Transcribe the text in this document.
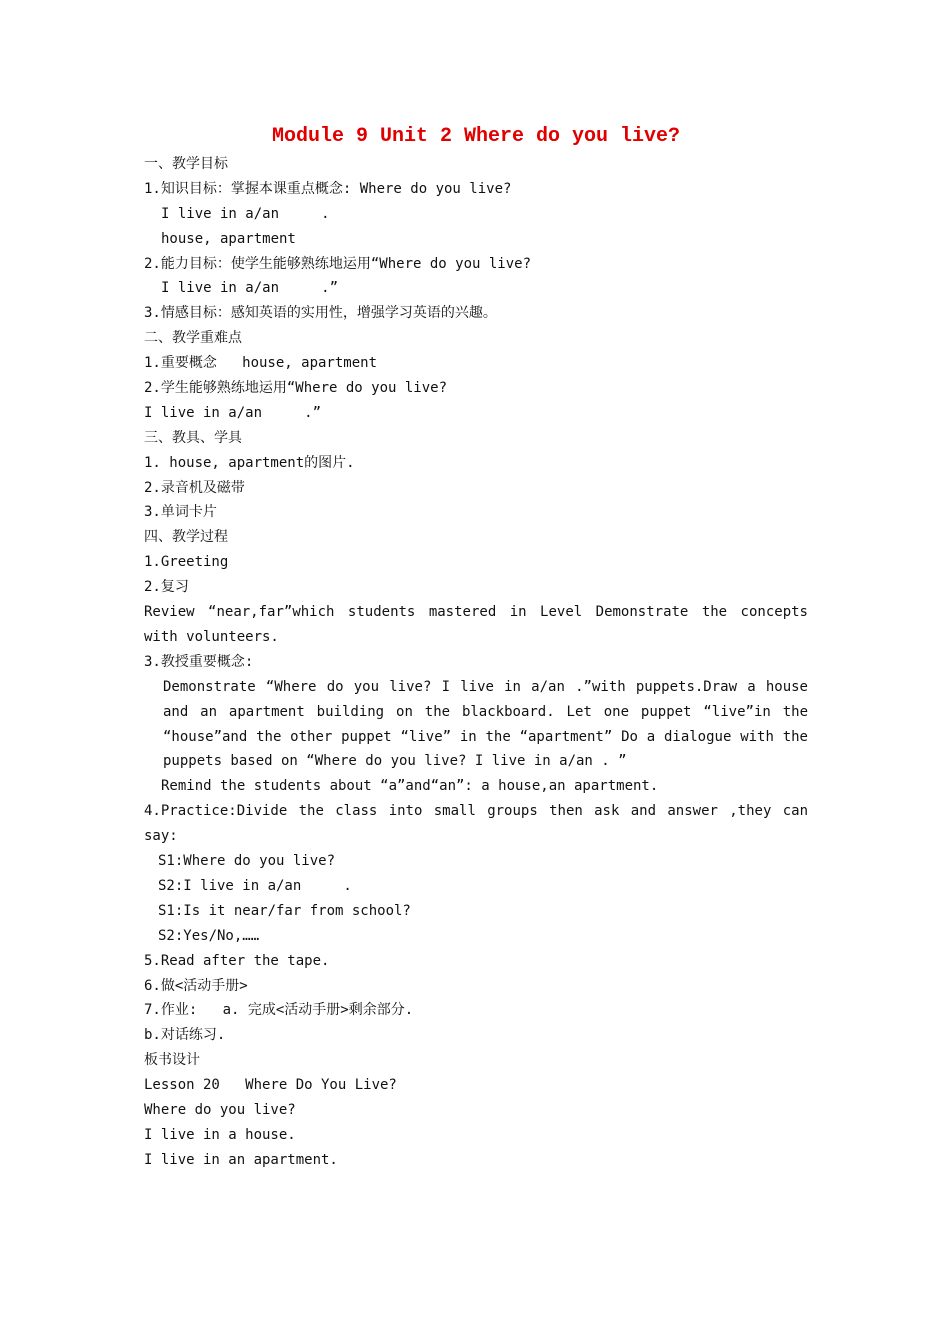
Module 9 Unit 2 Where do you live?
一、教学目标
1.知识目标：掌握本课重点概念: Where do you live?
I live in a/an     .
house, apartment
2.能力目标：使学生能够熟练地运用“Where do you live?
I live in a/an     .”
3.情感目标：感知英语的实用性，增强学习英语的兴趣。
二、教学重难点
1.重要概念   house, apartment
2.学生能够熟练地运用“Where do you live?
I live in a/an     .”
三、教具、学具
1. house, apartment的图片.
2.录音机及磁带
3.单词卡片
四、教学过程
1.Greeting
2.复习
Review “near,far”which students mastered in Level Demonstrate the concepts with volunteers.
3.教授重要概念:
Demonstrate “Where do you live? I live in a/an .”with puppets.Draw a house and an apartment building on the blackboard. Let one puppet “live”in the “house”and the other puppet “live” in the “apartment” Do a dialogue with the puppets based on “Where do you live? I live in a/an . ”
Remind the students about “a”and“an”: a house,an apartment.
4.Practice:Divide the class into small groups then ask and answer ,they can say:
S1:Where do you live?
S2:I live in a/an     .
S1:Is it near/far from school?
S2:Yes/No,……
5.Read after the tape.
6.做<活动手册>
7.作业:   a. 完成<活动手册>剩余部分.
b.对话练习.
板书设计
Lesson 20   Where Do You Live?
Where do you live?
I live in a house.
I live in an apartment.
